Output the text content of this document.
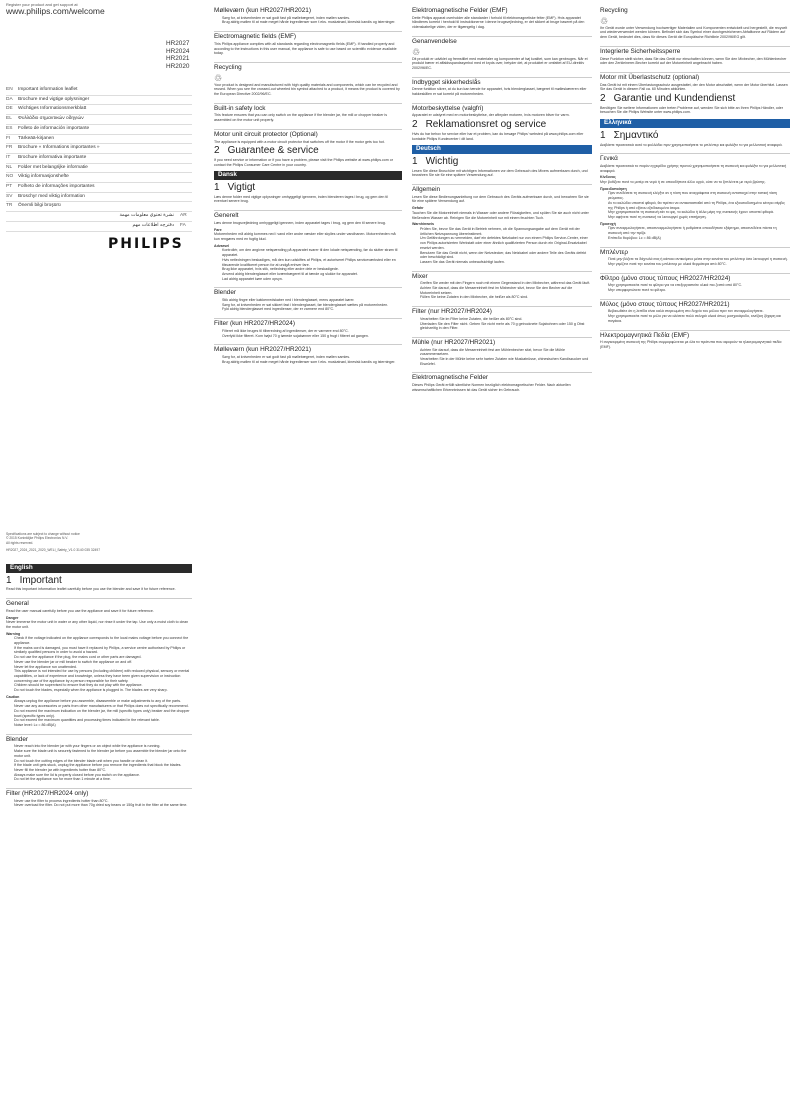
Register your product and get support at
www.philips.com/welcome
HR2027
HR2024
HR2021
HR2020
EN	Important information leaflet
DA	Brochure med vigtige oplysninger
DE	Wichtiges Informationsmerkblatt
EL	Φυλλάδιο σημαντικών οδηγιών
ES	Folleto de información importante
FI	Tärkeää-kirjanen
FR	Brochure « Informations importantes »
IT	Brochure informativa importante
NL	Folder met belangrijke informatie
NO Viktig informasjonshefte
PT	Folheto de informações importantes
SV	Broschyr med viktig information
TR	Önemli bilgi broşürü
نشرة تحتوي معلومات مهمة	AR
دفترچه اطلاعات مهم	FA
PHILIPS
Specifications are subject to change without notice
© 2015 Koninklijke Philips Electronics N.V.
All rights reserved.
HR2027_2024_2021_2020_WELI_Safety_V1.0 3140 035 32497
English
1 Important

Read this important information leaflet carefully before you use the blender and save it for future reference.

General

Read the user manual carefully before you use the appliance and save it for future reference.

Danger

Never immerse the motor unit in water or any other liquid, nor rinse it under the tap. Use only a moist cloth to clean the motor unit.

Warning
• Check if the voltage indicated on the appliance corresponds to the local mains voltage before you connect the appliance.
• If the mains cord is damaged, you must have it replaced by Philips, a service centre authorised by Philips or similarly qualified persons in order to avoid a hazard.
• Do not use the appliance if the plug, the mains cord or other parts are damaged.
• Never use the blender jar or mill beaker to switch the appliance on and off.
• Never let the appliance run unattended.
• This appliance is not intended for use by persons (including children) with reduced physical, sensory or mental capabilities, or lack of experience and knowledge, unless they have been given supervision or instruction concerning use of the appliance by a person responsible for their safety.
• Children should be supervised to ensure that they do not play with the appliance.
• Do not touch the blades, especially when the appliance is plugged in. The blades are very sharp.
Caution
• Always unplug the appliance before you assemble, disassemble or make adjustments to any of the parts.
• Never use any accessories or parts from other manufacturers or that Philips does not specifically recommend.
• Do not exceed the maximum indication on the blender jar, the mill (specific types only) beaker and the chopper bowl (specific types only).
• Do not exceed the maximum quantities and processing times indicated in the relevant table.
• Noise level: Lc = 86 dB(A)
Blender
• Never reach into the blender jar with your fingers or an object while the appliance is running.
• Make sure the blade unit is securely fastened to the blender jar before you assemble the blender jar onto the motor unit.
• Do not touch the cutting edges of the blender blade unit when you handle or clean it.
• If the blade unit gets stuck, unplug the appliance before you remove the ingredients that block the blades.
• Never fill the blender jar with ingredients hotter than 80°C.
• Always make sure the lid is properly closed before you switch on the appliance.
• Do not let the appliance run for more than 1 minute at a time.
Filter (HR2027/HR2024 only)
• Never use the filter to process ingredients hotter than 80°C.
• Never overload the filter. Do not put more than 70g dried soy beans or 150g fruit in the filter at the same time.
Mølleværn (kun HR2027/HR2021)
• Sørg for, at knivenheden er sat godt fast på møllebægeret, inden møllen samles.
• Brug aldrig møllen til at male meget hårde ingredienser som f.eks. muskatnød, kinesisk kandis og isterninger.
Electromagnetic fields (EMF)

This Philips appliance complies with all standards regarding electromagnetic fields (EMF). If handled properly and according to the instructions in this user manual, the appliance is safe to use based on scientific evidence available today.

Recycling
♲

Your product is designed and manufactured with high quality materials and components, which can be recycled and reused. When you see the crossed-out wheeled bin symbol attached to a product, it means the product is covered by the European Directive 2002/96/EC.

Built-in safety lock

This feature ensures that you can only switch on the appliance if the blender jar, the mill or chopper beaker is assembled on the motor unit properly.

Motor unit circuit protector (Optional)

The appliance is equipped with a motor circuit protector that switches off the motor if the motor gets too hot.

2 Guarantee & service

If you need service or information or if you have a problem, please visit the Philips website at www.philips.com or contact the Philips Consumer Care Centre in your country.

Dansk
1 Vigtigt

Læs denne folder med vigtige oplysninger omhyggeligt igennem, inden blenderen tages i brug, og gem den til eventuel senere brug.

Generelt

Læs denne brugsvejledning omhyggeligt igennem, inden apparatet tages i brug, og gem den til senere brug.

Fare

Motorenheden må aldrig kommes ned i vand eller andre væsker eller skylles under vandhanen. Motorenheden må kun rengøres med en fugtig klud.

Advarsel
• Kontrollér, om den angivne netspænding på apparatet svarer til den lokale netspænding, før du slutter strøm til apparatet.
• Hvis netledningen beskadiges, må den kun udskiftes af Philips, et autoriseret Philips serviceværksted eller en tilsvarende kvalificeret person for at undgå enhver fare.
• Brug ikke apparatet, hvis stik, netledning eller andre dele er beskadigede.
• Anvend aldrig blenderglasset eller kværnbægeret til at tænde og slukke for apparatet.
• Lad aldrig apparatet køre uden opsyn.
Blender
• Stik aldrig fingre eller køkkenredskaber ned i blenderglasset, mens apparatet kører.
• Sørg for, at knivenheden er sat sikkert fast i blenderglasset, før blenderglasset sættes på motorenheden.
• Fyld aldrig blenderglasset med ingredienser, der er varmere end 80°C.
Filter (kun HR2027/HR2024)
• Filteret må ikke bruges til tilberedning af ingredienser, der er varmere end 80°C.
• Overfyld ikke filteret. Kom højst 70 g tørrede sojabønner eller 150 g frugt i filteret ad gangen.
Mølleværn (kun HR2027/HR2021)
• Sørg for, at knivenheden er sat godt fast på møllebægeret, inden møllen samles.
• Brug aldrig møllen til at male meget hårde ingredienser som f.eks. muskatnød, kinesisk kandis og isterninger.
Elektromagnetische Felder (EMF)

Dette Philips apparat overholder alle standarder i forhold til elektromagnetiske felter (EMF). Hvis apparatet håndteres korrekt i henhold til instruktionerne i denne brugsvejledning, er det sikkert at bruge baseret på den videnskabelige viden, der er tilgængelig i dag.

Genanvendelse
♲

Dit produkt er udviklet og fremstillet med materialer og komponenter af høj kvalitet, som kan genbruges. Når et produkt bærer et affaldsspandssymbol med et kryds over, betyder det, at produktet er omfattet af EU-direktiv 2002/96/EC.

Indbygget sikkerhedslås

Denne funktion sikrer, at du kun kan tænde for apparatet, hvis blenderglasset, bægeret til mølleskæreren eller hakkeskålen er sat korrekt på motorenheden.

Motorbeskyttelse (valgfri)

Apparatet er udstyret med en motorbeskyttelse, der afbryder motoren, hvis motoren bliver for varm.

2 Reklamationsret og service

Hvis du har behov for service eller har et problem, kan du besøge Philips' websted på www.philips.com eller kontakte Philips Kundecenter i dit land.

Deutsch
1 Wichtig

Lesen Sie diese Broschüre mit wichtigen Informationen vor dem Gebrauch des Mixers aufmerksam durch, und bewahren Sie sie für eine spätere Verwendung auf.

Allgemein

Lesen Sie diese Bedienungsanleitung vor dem Gebrauch des Geräts aufmerksam durch, und bewahren Sie sie für eine spätere Verwendung auf.

Gefahr

Tauchen Sie die Motoreinheit niemals in Wasser oder andere Flüssigkeiten, und spülen Sie sie auch nicht unter fließendem Wasser ab. Reinigen Sie die Motoreinheit nur mit einem feuchten Tuch.

Warnhinweis
• Prüfen Sie, bevor Sie das Gerät in Betrieb nehmen, ob die Spannungsangabe auf dem Gerät mit der örtlichen Netzspannung übereinstimmt.
• Um Gefährdungen zu vermeiden, darf ein defektes Netzkabel nur von einem Philips Service-Center, einer von Philips autorisierten Werkstatt oder einer ähnlich qualifizierten Person durch ein Original-Ersatzkabel ersetzt werden.
• Benutzen Sie das Gerät nicht, wenn der Netzstecker, das Netzkabel oder andere Teile des Geräts defekt oder beschädigt sind.
• Lassen Sie das Gerät niemals unbeaufsichtigt laufen.
Mixer
• Greifen Sie weder mit den Fingern noch mit einem Gegenstand in den Mixbecher, während das Gerät läuft.
• Achten Sie darauf, dass die Messereinheit fest im Mixbecher sitzt, bevor Sie den Becher auf die Motoreinheit setzen.
• Füllen Sie keine Zutaten in den Mixbecher, die heißer als 80°C sind.
Filter (nur HR2027/HR2024)
• Verarbeiten Sie im Filter keine Zutaten, die heißer als 80°C sind.
• Überladen Sie den Filter nicht. Geben Sie nicht mehr als 70 g getrocknete Sojabohnen oder 150 g Obst gleichzeitig in den Filter.
Mühle (nur HR2027/HR2021)
• Achten Sie darauf, dass die Messereinheit fest am Mühlenbecher sitzt, bevor Sie die Mühle zusammensetzen.
• Verarbeiten Sie in der Mühle keine sehr harten Zutaten wie Muskatnüsse, chinesischen Kandiszucker und Eiswürfel.
Elektromagnetische Felder

Dieses Philips Gerät erfüllt sämtliche Normen bezüglich elektromagnetischer Felder. Nach aktuellen wissenschaftlichen Erkenntnissen ist das Gerät sicher im Gebrauch.

Recycling
♲

Ihr Gerät wurde unter Verwendung hochwertiger Materialien und Komponenten entwickelt und hergestellt, die recycelt und wiederverwendet werden können. Befindet sich das Symbol einer durchgestrichenen Abfalltonne auf Rädern auf dem Gerät, bedeutet dies, dass für dieses Gerät die Europäische Richtlinie 2002/96/EG gilt.

Integrierte Sicherheitssperre

Diese Funktion stellt sicher, dass Sie das Gerät nur einschalten können, wenn Sie den Mixbecher, den Mühlenbecher oder den Zerkleinerer-Becher korrekt auf der Motoreinheit angebracht haben.

Motor mit Überlastschutz (optional)

Das Gerät ist mit einem Überlastungsschutz ausgestattet, der den Motor abschaltet, wenn der Motor überhitzt. Lassen Sie das Gerät in diesem Fall ca. 60 Minuten abkühlen.

2 Garantie und Kundendienst

Benötigen Sie weitere Informationen oder treten Probleme auf, wenden Sie sich bitte an Ihren Philips Händler, oder besuchen Sie die Philips Website unter www.philips.com.

Ελληνικά
1 Σημαντικό

Διαβάστε προσεκτικά αυτό το φυλλάδιο πριν χρησιμοποιήσετε το μπλέντερ και φυλάξτε το για μελλοντική αναφορά.

Γενικά

Διαβάστε προσεκτικά το παρόν εγχειρίδιο χρήσης προτού χρησιμοποιήσετε τη συσκευή και φυλάξτε το για μελλοντική αναφορά.

Κίνδυνος

Μην βυθίζετε ποτέ το μοτέρ σε νερό ή σε οποιοδήποτε άλλο υγρό, ούτε να το ξεπλένετε με νερό βρύσης.

Προειδοποίηση
• Πριν συνδέσετε τη συσκευή ελέγξτε αν η τάση που αναγράφεται στη συσκευή αντιστοιχεί στην τοπική τάση ρεύματος.
• Αν το καλώδιο υποστεί φθορά, θα πρέπει να αντικατασταθεί από τη Philips, ένα εξουσιοδοτημένο κέντρο σέρβις της Philips ή από εξίσου εξειδικευμένα άτομα.
• Μην χρησιμοποιείτε τη συσκευή εάν το φις, το καλώδιο ή άλλα μέρη της συσκευής έχουν υποστεί φθορά.
• Μην αφήνετε ποτέ τη συσκευή να λειτουργεί χωρίς επιτήρηση.
Προσοχή
• Πριν συναρμολογήσετε, αποσυναρμολογήσετε ή ρυθμίσετε οποιοδήποτε εξάρτημα, αποσυνδέετε πάντα τη συσκευή από την πρίζα.
• Επίπεδο θορύβου: Lc = 86 dB(A)
Μπλέντερ
• Ποτέ μην βάζετε τα δάχτυλά σας ή κάποιο αντικείμενο μέσα στην κανάτα του μπλέντερ όσο λειτουργεί η συσκευή.
• Μην γεμίζετε ποτέ την κανάτα του μπλέντερ με υλικά θερμότερα από 80°C.
Φίλτρο (μόνο στους τύπους HR2027/HR2024)
• Μην χρησιμοποιείτε ποτέ το φίλτρο για να επεξεργαστείτε υλικά πιο ζεστά από 80°C.
• Μην υπερφορτώνετε ποτέ το φίλτρο.
Μύλος (μόνο στους τύπους HR2027/HR2021)
• Βεβαιωθείτε ότι η λεπίδα είναι καλά στερεωμένη στο δοχείο του μύλου πριν τον συναρμολογήσετε.
• Μην χρησιμοποιείτε ποτέ το μύλο για να αλέσετε πολύ σκληρά υλικά όπως μοσχοκάρυδο, κινέζικη ζάχαρη και παγάκια.
Ηλεκτρομαγνητικά Πεδία (EMF)

Η συγκεκριμένη συσκευή της Philips συμμορφώνεται με όλα τα πρότυπα που αφορούν τα ηλεκτρομαγνητικά πεδία (EMF).
